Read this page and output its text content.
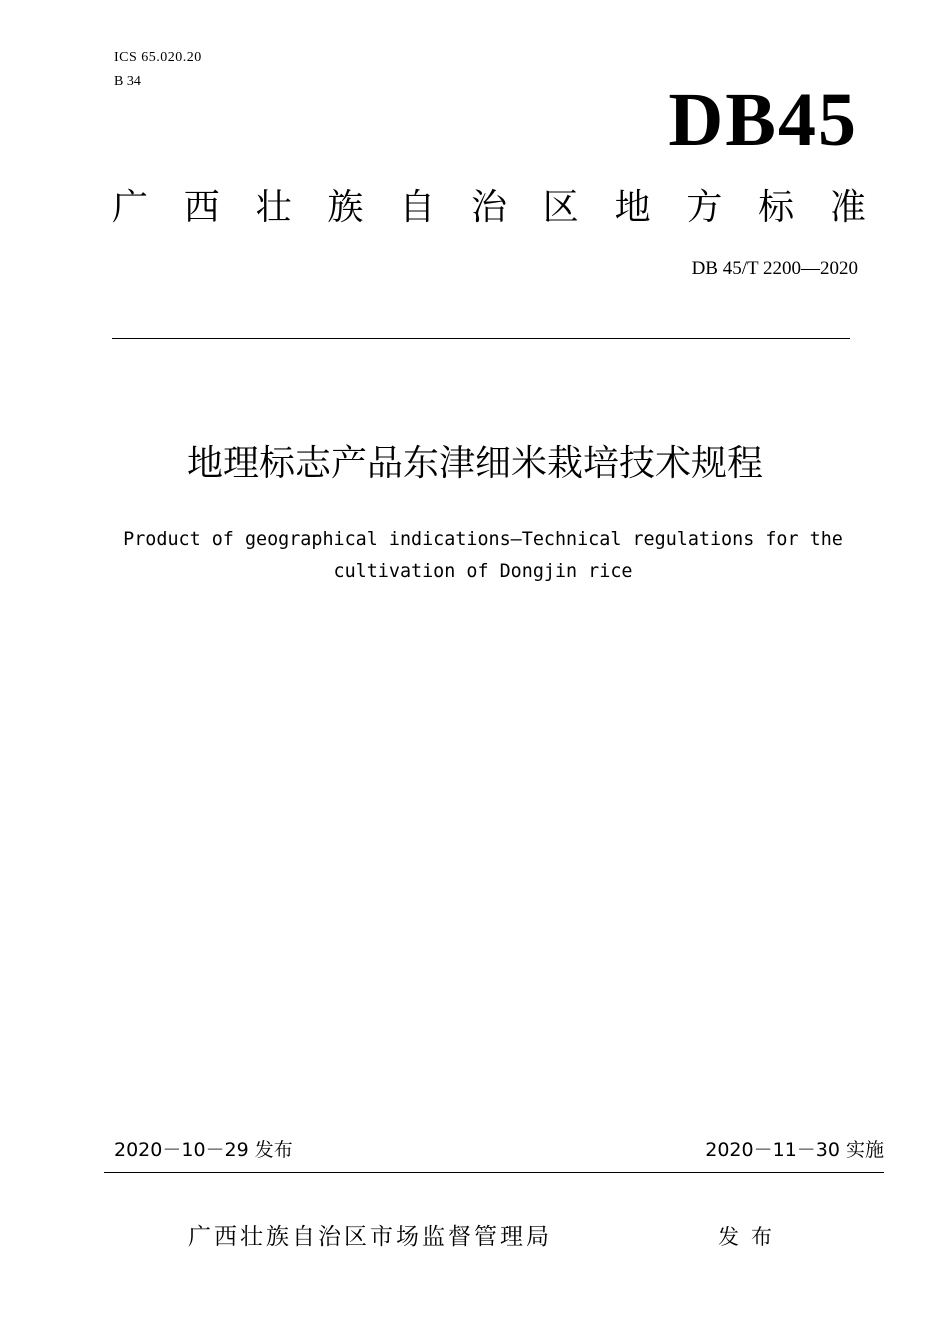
ICS 65.020.20
B 34	DB45
广 西 壮 族 自 治 区 地 方 标 准
DB 45/T 2200—2020
地理标志产品东津细米栽培技术规程
Product of geographical indications—Technical regulations for the
cultivation of Dongjin rice
2020－10－29 发布	2020－11－30 实施
广西壮族自治区市场监督管理局	发布
